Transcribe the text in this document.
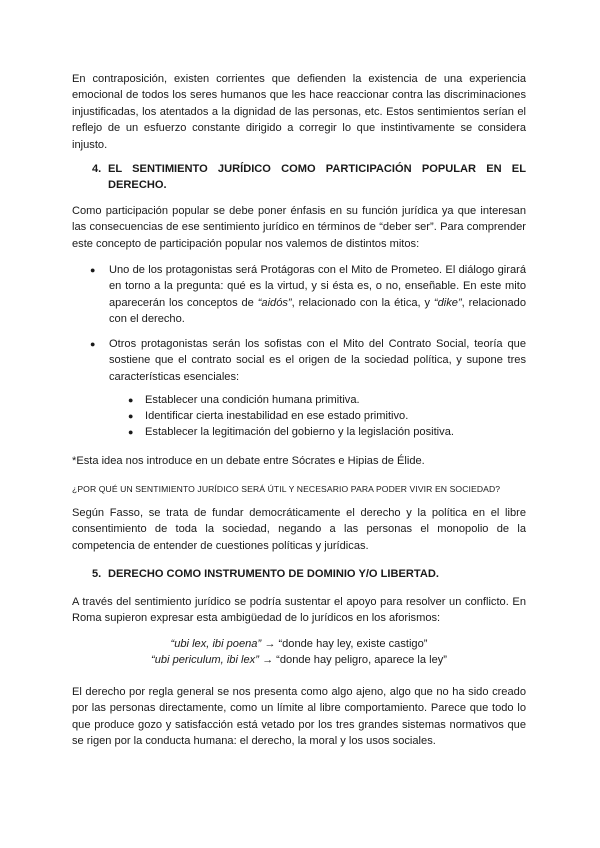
En contraposición, existen corrientes que defienden la existencia de una experiencia emocional de todos los seres humanos que les hace reaccionar contra las discriminaciones injustificadas, los atentados a la dignidad de las personas, etc. Estos sentimientos serían el reflejo de un esfuerzo constante dirigido a corregir lo que instintivamente se considera injusto.

4. EL SENTIMIENTO JURÍDICO COMO PARTICIPACIÓN POPULAR EN EL DERECHO.

Como participación popular se debe poner énfasis en su función jurídica ya que interesan las consecuencias de ese sentimiento jurídico en términos de “deber ser”. Para comprender este concepto de participación popular nos valemos de distintos mitos:

●	Uno de los protagonistas será Protágoras con el Mito de Prometeo. El diálogo girará en torno a la pregunta: qué es la virtud, y si ésta es, o no, enseñable. En este mito aparecerán los conceptos de “aidós”, relacionado con la ética, y “dike”, relacionado con el derecho.
●	Otros protagonistas serán los sofistas con el Mito del Contrato Social, teoría que sostiene que el contrato social es el origen de la sociedad política, y supone tres características esenciales:
●	Establecer una condición humana primitiva.
●	Identificar cierta inestabilidad en ese estado primitivo.
●	Establecer la legitimación del gobierno y la legislación positiva.

*Esta idea nos introduce en un debate entre Sócrates e Hipias de Élide.

¿POR QUÉ UN SENTIMIENTO JURÍDICO SERÁ ÚTIL Y NECESARIO PARA PODER VIVIR EN SOCIEDAD?

Según Fasso, se trata de fundar democráticamente el derecho y la política en el libre consentimiento de toda la sociedad, negando a las personas el monopolio de la competencia de entender de cuestiones políticas y jurídicas.

5. DERECHO COMO INSTRUMENTO DE DOMINIO Y/O LIBERTAD.

A través del sentimiento jurídico se podría sustentar el apoyo para resolver un conflicto. En Roma supieron expresar esta ambigüedad de lo jurídicos en los aforismos:

“ubi lex, ibi poena” → “donde hay ley, existe castigo”

“ubi periculum, ibi lex” → “donde hay peligro, aparece la ley”

El derecho por regla general se nos presenta como algo ajeno, algo que no ha sido creado por las personas directamente, como un límite al libre comportamiento. Parece que todo lo que produce gozo y satisfacción está vetado por los tres grandes sistemas normativos que se rigen por la conducta humana: el derecho, la moral y los usos sociales.
